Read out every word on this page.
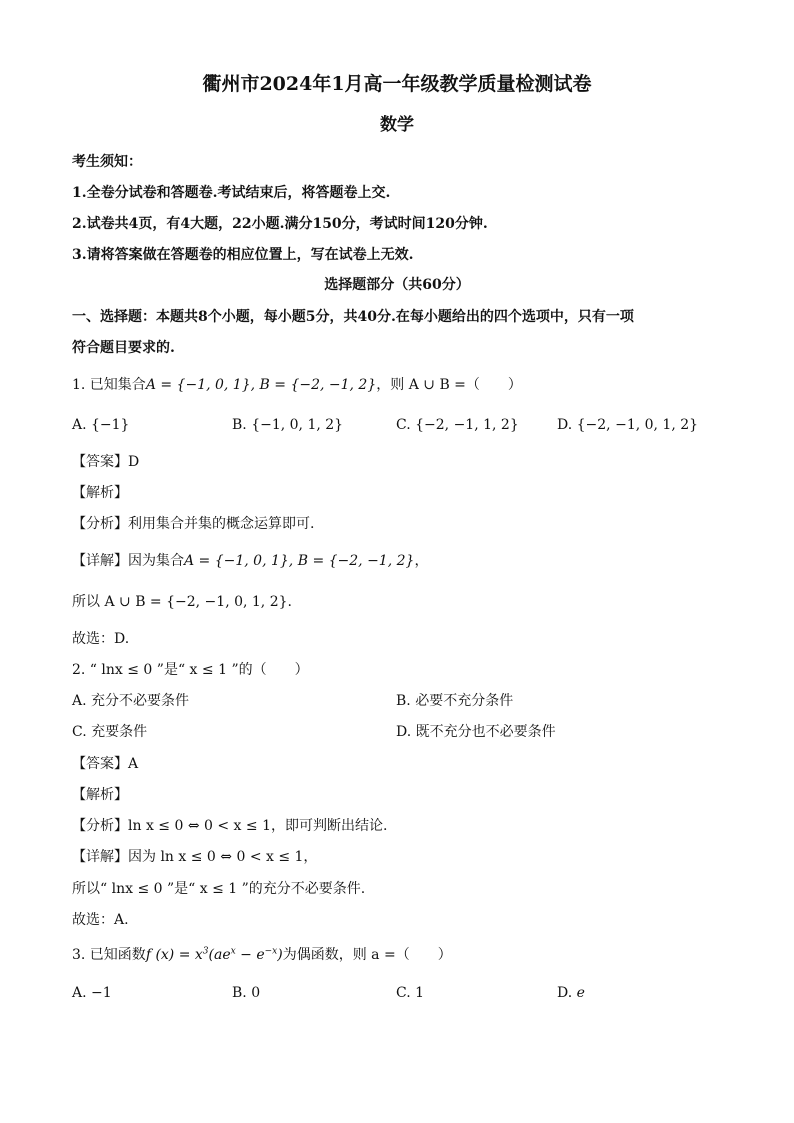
衢州市2024年1月高一年级教学质量检测试卷
数学
考生须知：
1.全卷分试卷和答题卷.考试结束后，将答题卷上交.
2.试卷共4页，有4大题，22小题.满分150分，考试时间120分钟.
3.请将答案做在答题卷的相应位置上，写在试卷上无效.
选择题部分（共60分）
一、选择题：本题共8个小题，每小题5分，共40分.在每小题给出的四个选项中，只有一项
符合题目要求的.
1. 已知集合A = {−1, 0, 1}, B = {−2, −1, 2}，则 A ∪ B =（　　）
A. {−1}	B. {−1, 0, 1, 2}	C. {−2, −1, 1, 2}	D. {−2, −1, 0, 1, 2}
【答案】D
【解析】
【分析】利用集合并集的概念运算即可.
【详解】因为集合A = {−1, 0, 1}, B = {−2, −1, 2}，
所以 A ∪ B = {−2, −1, 0, 1, 2}.
故选：D.
2. “ lnx ≤ 0 ”是“ x ≤ 1 ”的（　　）
A. 充分不必要条件	B. 必要不充分条件
C. 充要条件	D. 既不充分也不必要条件
【答案】A
【解析】
【分析】ln x ≤ 0 ⇔ 0 < x ≤ 1，即可判断出结论.
【详解】因为 ln x ≤ 0 ⇔ 0 < x ≤ 1，
所以“ lnx ≤ 0 ”是“ x ≤ 1 ”的充分不必要条件.
故选：A.
3. 已知函数f $(x) = x^3(ae^x - e^{-x})$为偶函数，则 a =（　　）
A. −1	B. 0	C. 1	D. e
